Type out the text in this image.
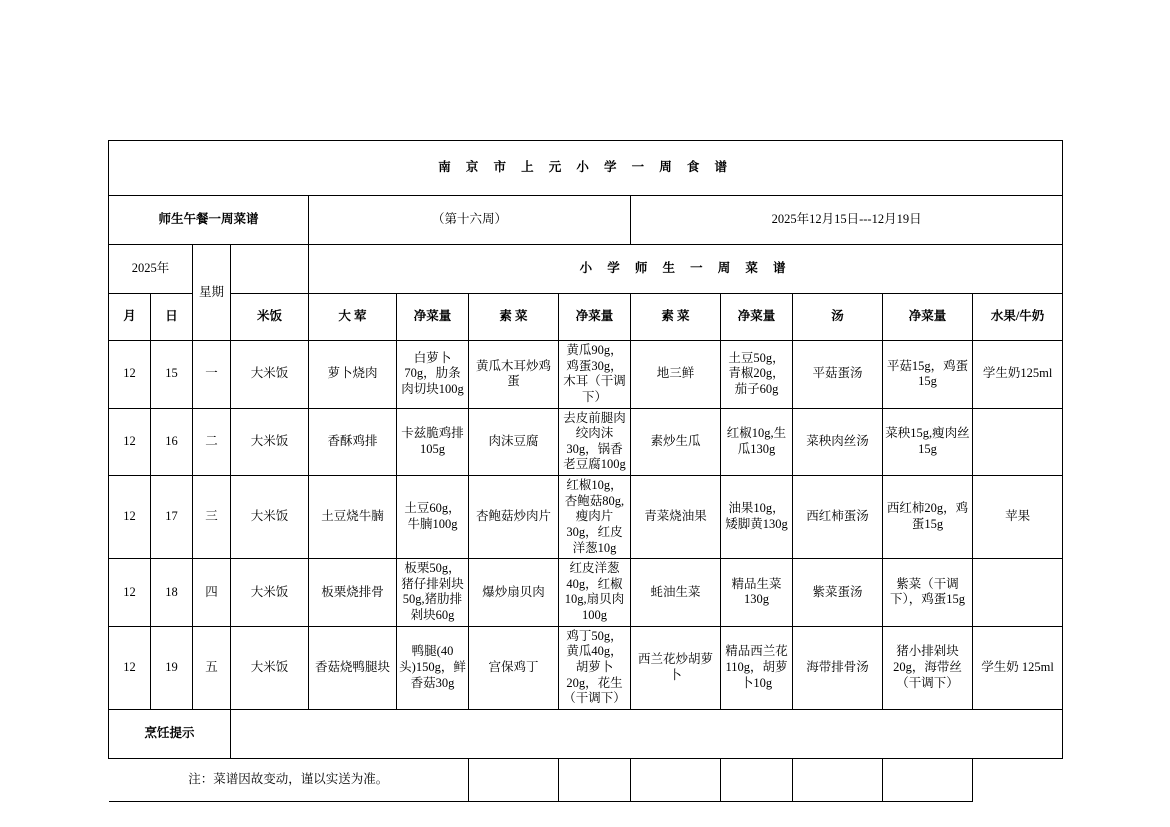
南 京 市 上 元 小 学 一 周 食 谱												
师生午餐一周菜谱				（第十六周）				2025年12月15日---12月19日				
2025年		星期		小 学 师 生 一 周 菜 谱								
月	日		米饭	大 荤	净菜量	素 菜	净菜量	素 菜	净菜量	汤	净菜量	水果/牛奶
12	15	一	大米饭	萝卜烧肉	白萝卜70g，肋条肉切块100g	黄瓜木耳炒鸡蛋	黄瓜90g，鸡蛋30g，木耳（干调下）	地三鲜	土豆50g，青椒20g，茄子60g	平菇蛋汤	平菇15g，鸡蛋15g	学生奶125ml
12	16	二	大米饭	香酥鸡排	卡兹脆鸡排105g	肉沫豆腐	去皮前腿肉绞肉沫30g，锅香老豆腐100g	素炒生瓜	红椒10g,生瓜130g	菜秧肉丝汤	菜秧15g,瘦肉丝15g	
12	17	三	大米饭	土豆烧牛腩	土豆60g，牛腩100g	杏鲍菇炒肉片	红椒10g，杏鲍菇80g,瘦肉片30g，红皮洋葱10g	青菜烧油果	油果10g，矮脚黄130g	西红柿蛋汤	西红柿20g，鸡蛋15g	苹果
12	18	四	大米饭	板栗烧排骨	板栗50g，猪仔排剁块50g,猪肋排剁块60g	爆炒扇贝肉	红皮洋葱40g，红椒10g,扇贝肉100g	蚝油生菜	精品生菜130g	紫菜蛋汤	紫菜（干调下），鸡蛋15g	
12	19	五	大米饭	香菇烧鸭腿块	鸭腿(40头)150g，鲜香菇30g	宫保鸡丁	鸡丁50g，黄瓜40g，胡萝卜20g，花生（干调下）	西兰花炒胡萝卜	精品西兰花110g，胡萝卜10g	海带排骨汤	猪小排剁块20g，海带丝（干调下）	学生奶 125ml
烹饪提示												
注：菜谱因故变动，谨以实送为准。												
